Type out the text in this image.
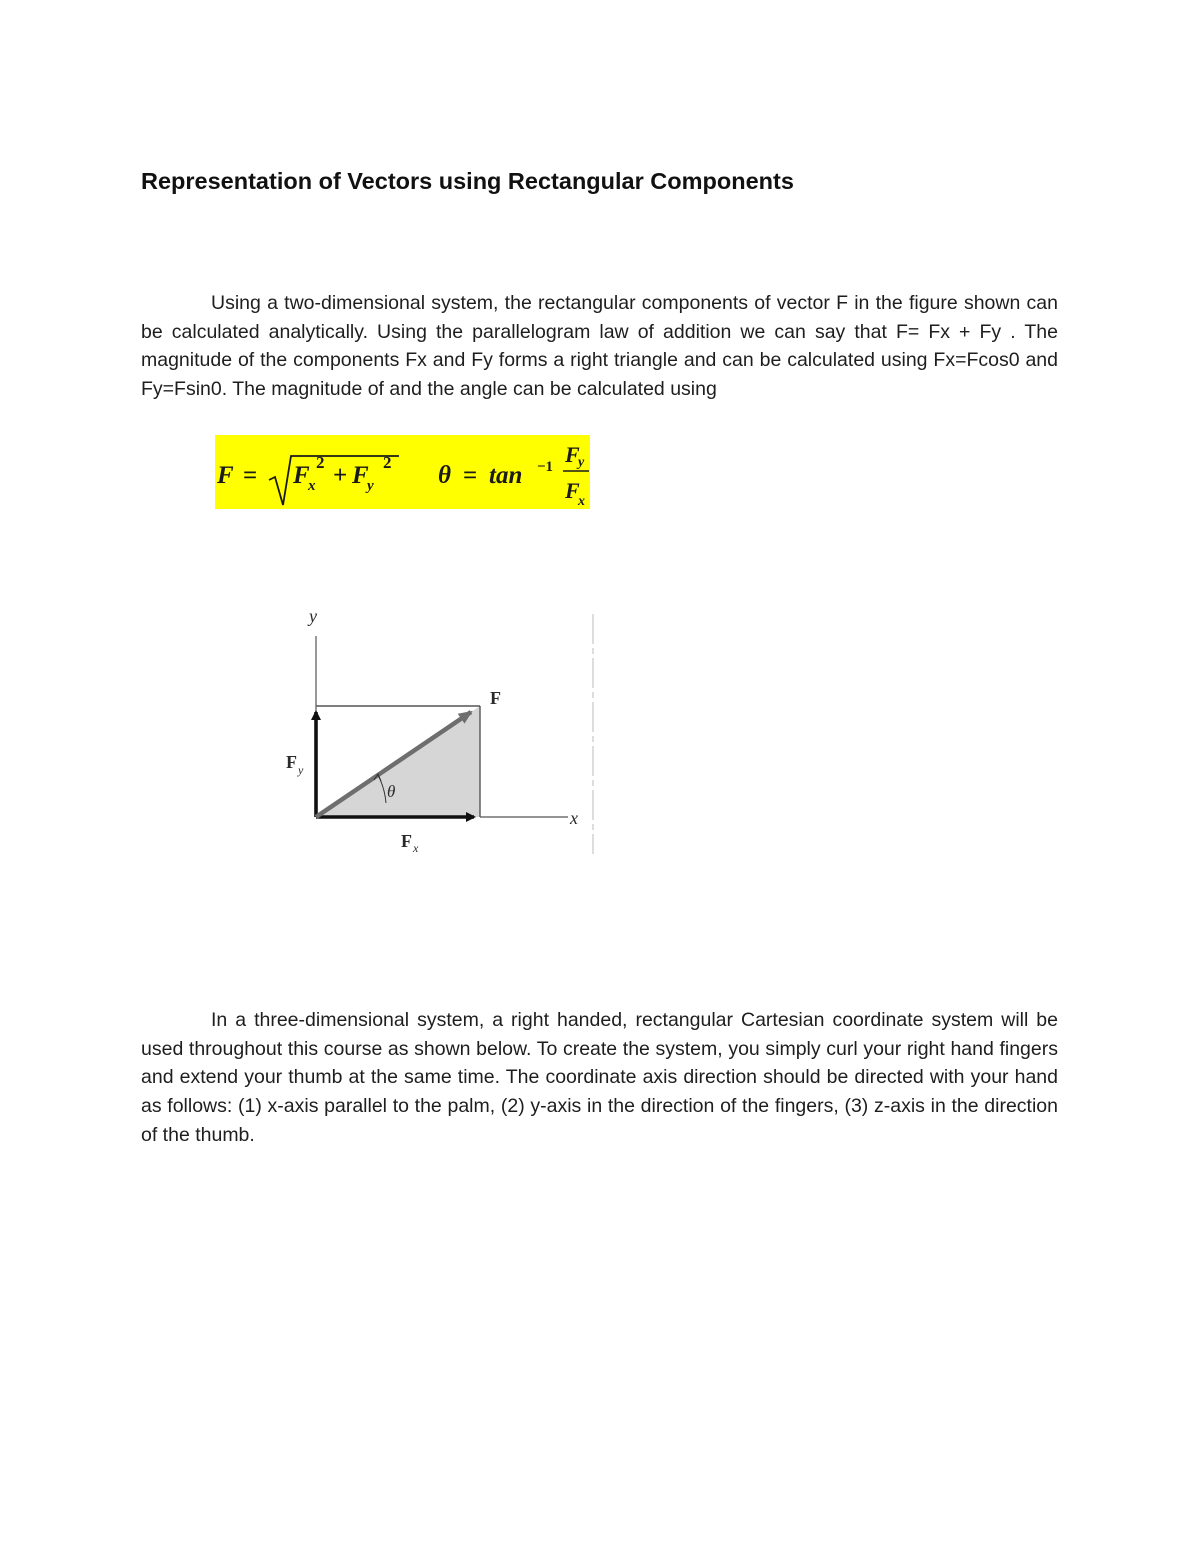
Representation of Vectors using Rectangular Components

Using a two-dimensional system, the rectangular components of vector F in the figure shown can be calculated analytically. Using the parallelogram law of addition we can say that F= Fx + Fy . The magnitude of the components Fx and Fy forms a right triangle and can be calculated using Fx=Fcos0 and Fy=Fsin0. The magnitude of and the angle can be calculated using

F = F
x
2 + F
y
2 θ = tan −1 F
y
F
x
y
x
F
θ
F y
F x

In a three-dimensional system, a right handed, rectangular Cartesian coordinate system will be used throughout this course as shown below. To create the system, you simply curl your right hand fingers and extend your thumb at the same time. The coordinate axis direction should be directed with your hand as follows: (1) x-axis parallel to the palm, (2) y-axis in the direction of the fingers, (3) z-axis in the direction of the thumb.
